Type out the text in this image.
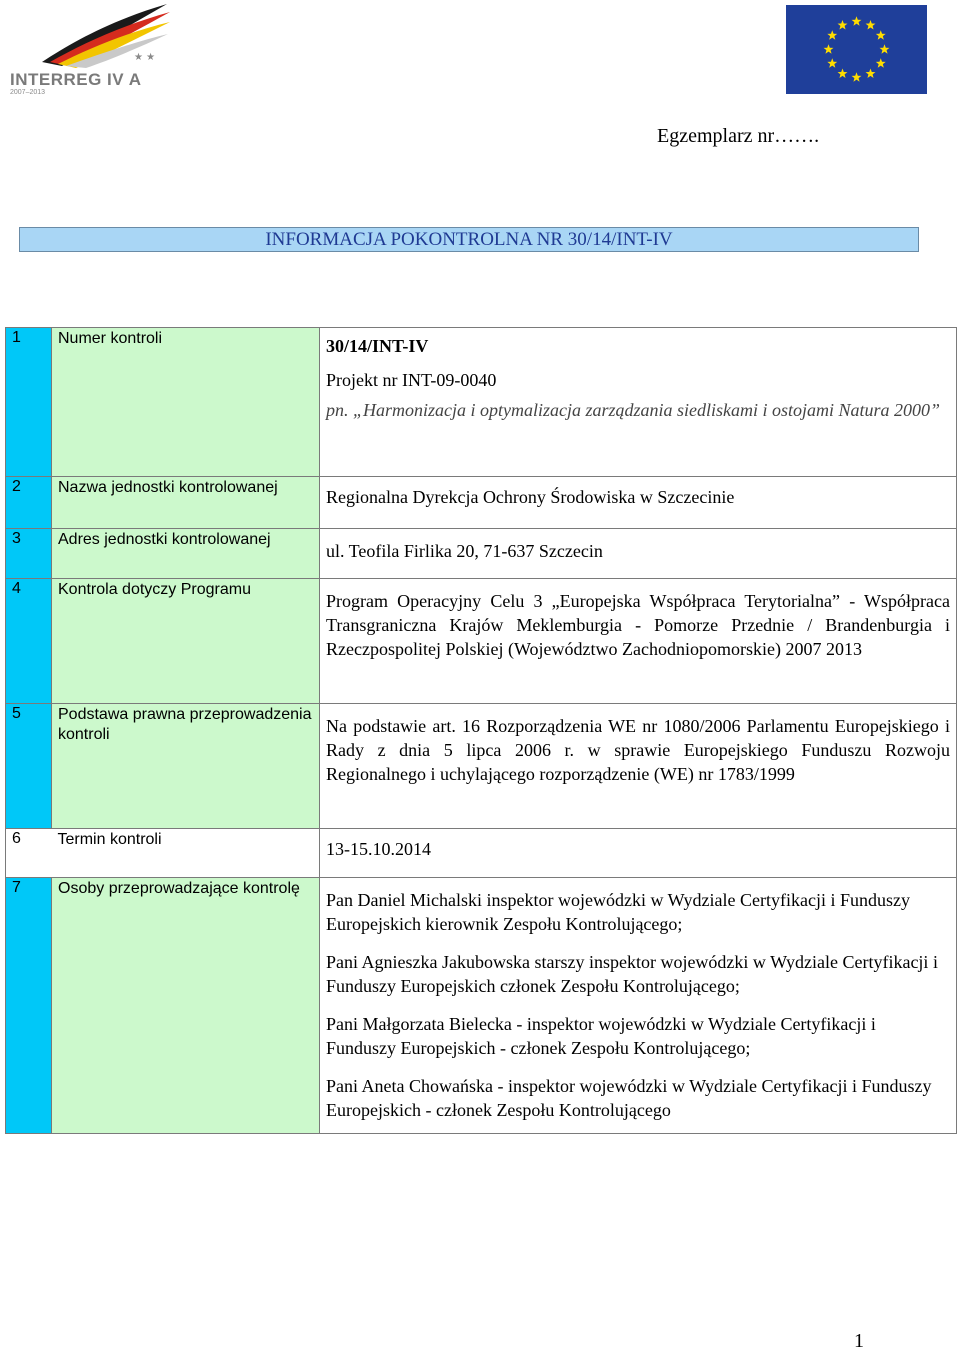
★ ★
INTERREG IV A
2007–2013
Egzemplarz nr…….
INFORMACJA POKONTROLNA NR 30/14/INT-IV
1	Numer kontroli	30/14/INT-IV

Projekt nr INT-09-0040

pn. „Harmonizacja i optymalizacja zarządzania siedliskami i ostojami Natura 2000”

2	Nazwa jednostki kontrolowanej	Regionalna Dyrekcja Ochrony Środowiska w Szczecinie

3	Adres jednostki kontrolowanej	ul. Teofila Firlika 20, 71-637 Szczecin

4	Kontrola dotyczy Programu	Program Operacyjny Celu 3 „Europejska Współpraca Terytorialna” - Współpraca Transgraniczna Krajów Meklemburgia - Pomorze Przednie / Brandenburgia i Rzeczpospolitej Polskiej (Województwo Zachodniopomorskie) 2007 2013

5	Podstawa prawna przeprowadzenia kontroli	Na podstawie art. 16 Rozporządzenia WE nr 1080/2006 Parlamentu Europejskiego i Rady z dnia 5 lipca 2006 r. w sprawie Europejskiego Funduszu Rozwoju Regionalnego i uchylającego rozporządzenie (WE) nr 1783/1999

6	Termin kontroli	13-15.10.2014

7	Osoby przeprowadzające kontrolę	Pan Daniel Michalski inspektor wojewódzki w Wydziale Certyfikacji i Funduszy Europejskich kierownik Zespołu Kontrolującego;

Pani Agnieszka Jakubowska starszy inspektor wojewódzki w Wydziale Certyfikacji i Funduszy Europejskich członek Zespołu Kontrolującego;

Pani Małgorzata Bielecka - inspektor wojewódzki w Wydziale Certyfikacji i Funduszy Europejskich - członek Zespołu Kontrolującego;

Pani Aneta Chowańska - inspektor wojewódzki w Wydziale Certyfikacji i Funduszy Europejskich - członek Zespołu Kontrolującego

1
